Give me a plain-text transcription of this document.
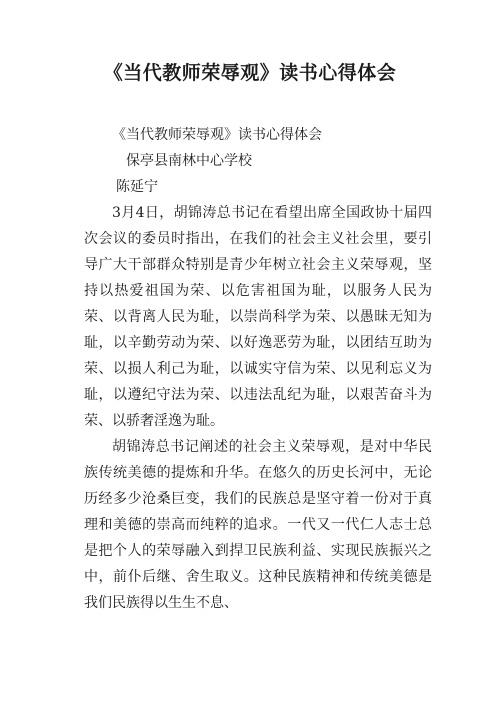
《当代教师荣辱观》读书心得体会

《当代教师荣辱观》读书心得体会

保亭县南林中心学校

陈延宁

3月4日，胡锦涛总书记在看望出席全国政协十届四次会议的委员时指出，在我们的社会主义社会里，要引导广大干部群众特别是青少年树立社会主义荣辱观，坚持以热爱祖国为荣、以危害祖国为耻，以服务人民为荣、以背离人民为耻，以崇尚科学为荣、以愚昧无知为耻，以辛勤劳动为荣、以好逸恶劳为耻，以团结互助为荣、以损人利己为耻，以诚实守信为荣、以见利忘义为耻，以遵纪守法为荣、以违法乱纪为耻，以艰苦奋斗为荣、以骄奢淫逸为耻。

胡锦涛总书记阐述的社会主义荣辱观，是对中华民族传统美德的提炼和升华。在悠久的历史长河中，无论历经多少沧桑巨变，我们的民族总是坚守着一份对于真理和美德的崇高而纯粹的追求。一代又一代仁人志士总是把个人的荣辱融入到捍卫民族利益、实现民族振兴之中，前仆后继、舍生取义。这种民族精神和传统美德是我们民族得以生生不息、
